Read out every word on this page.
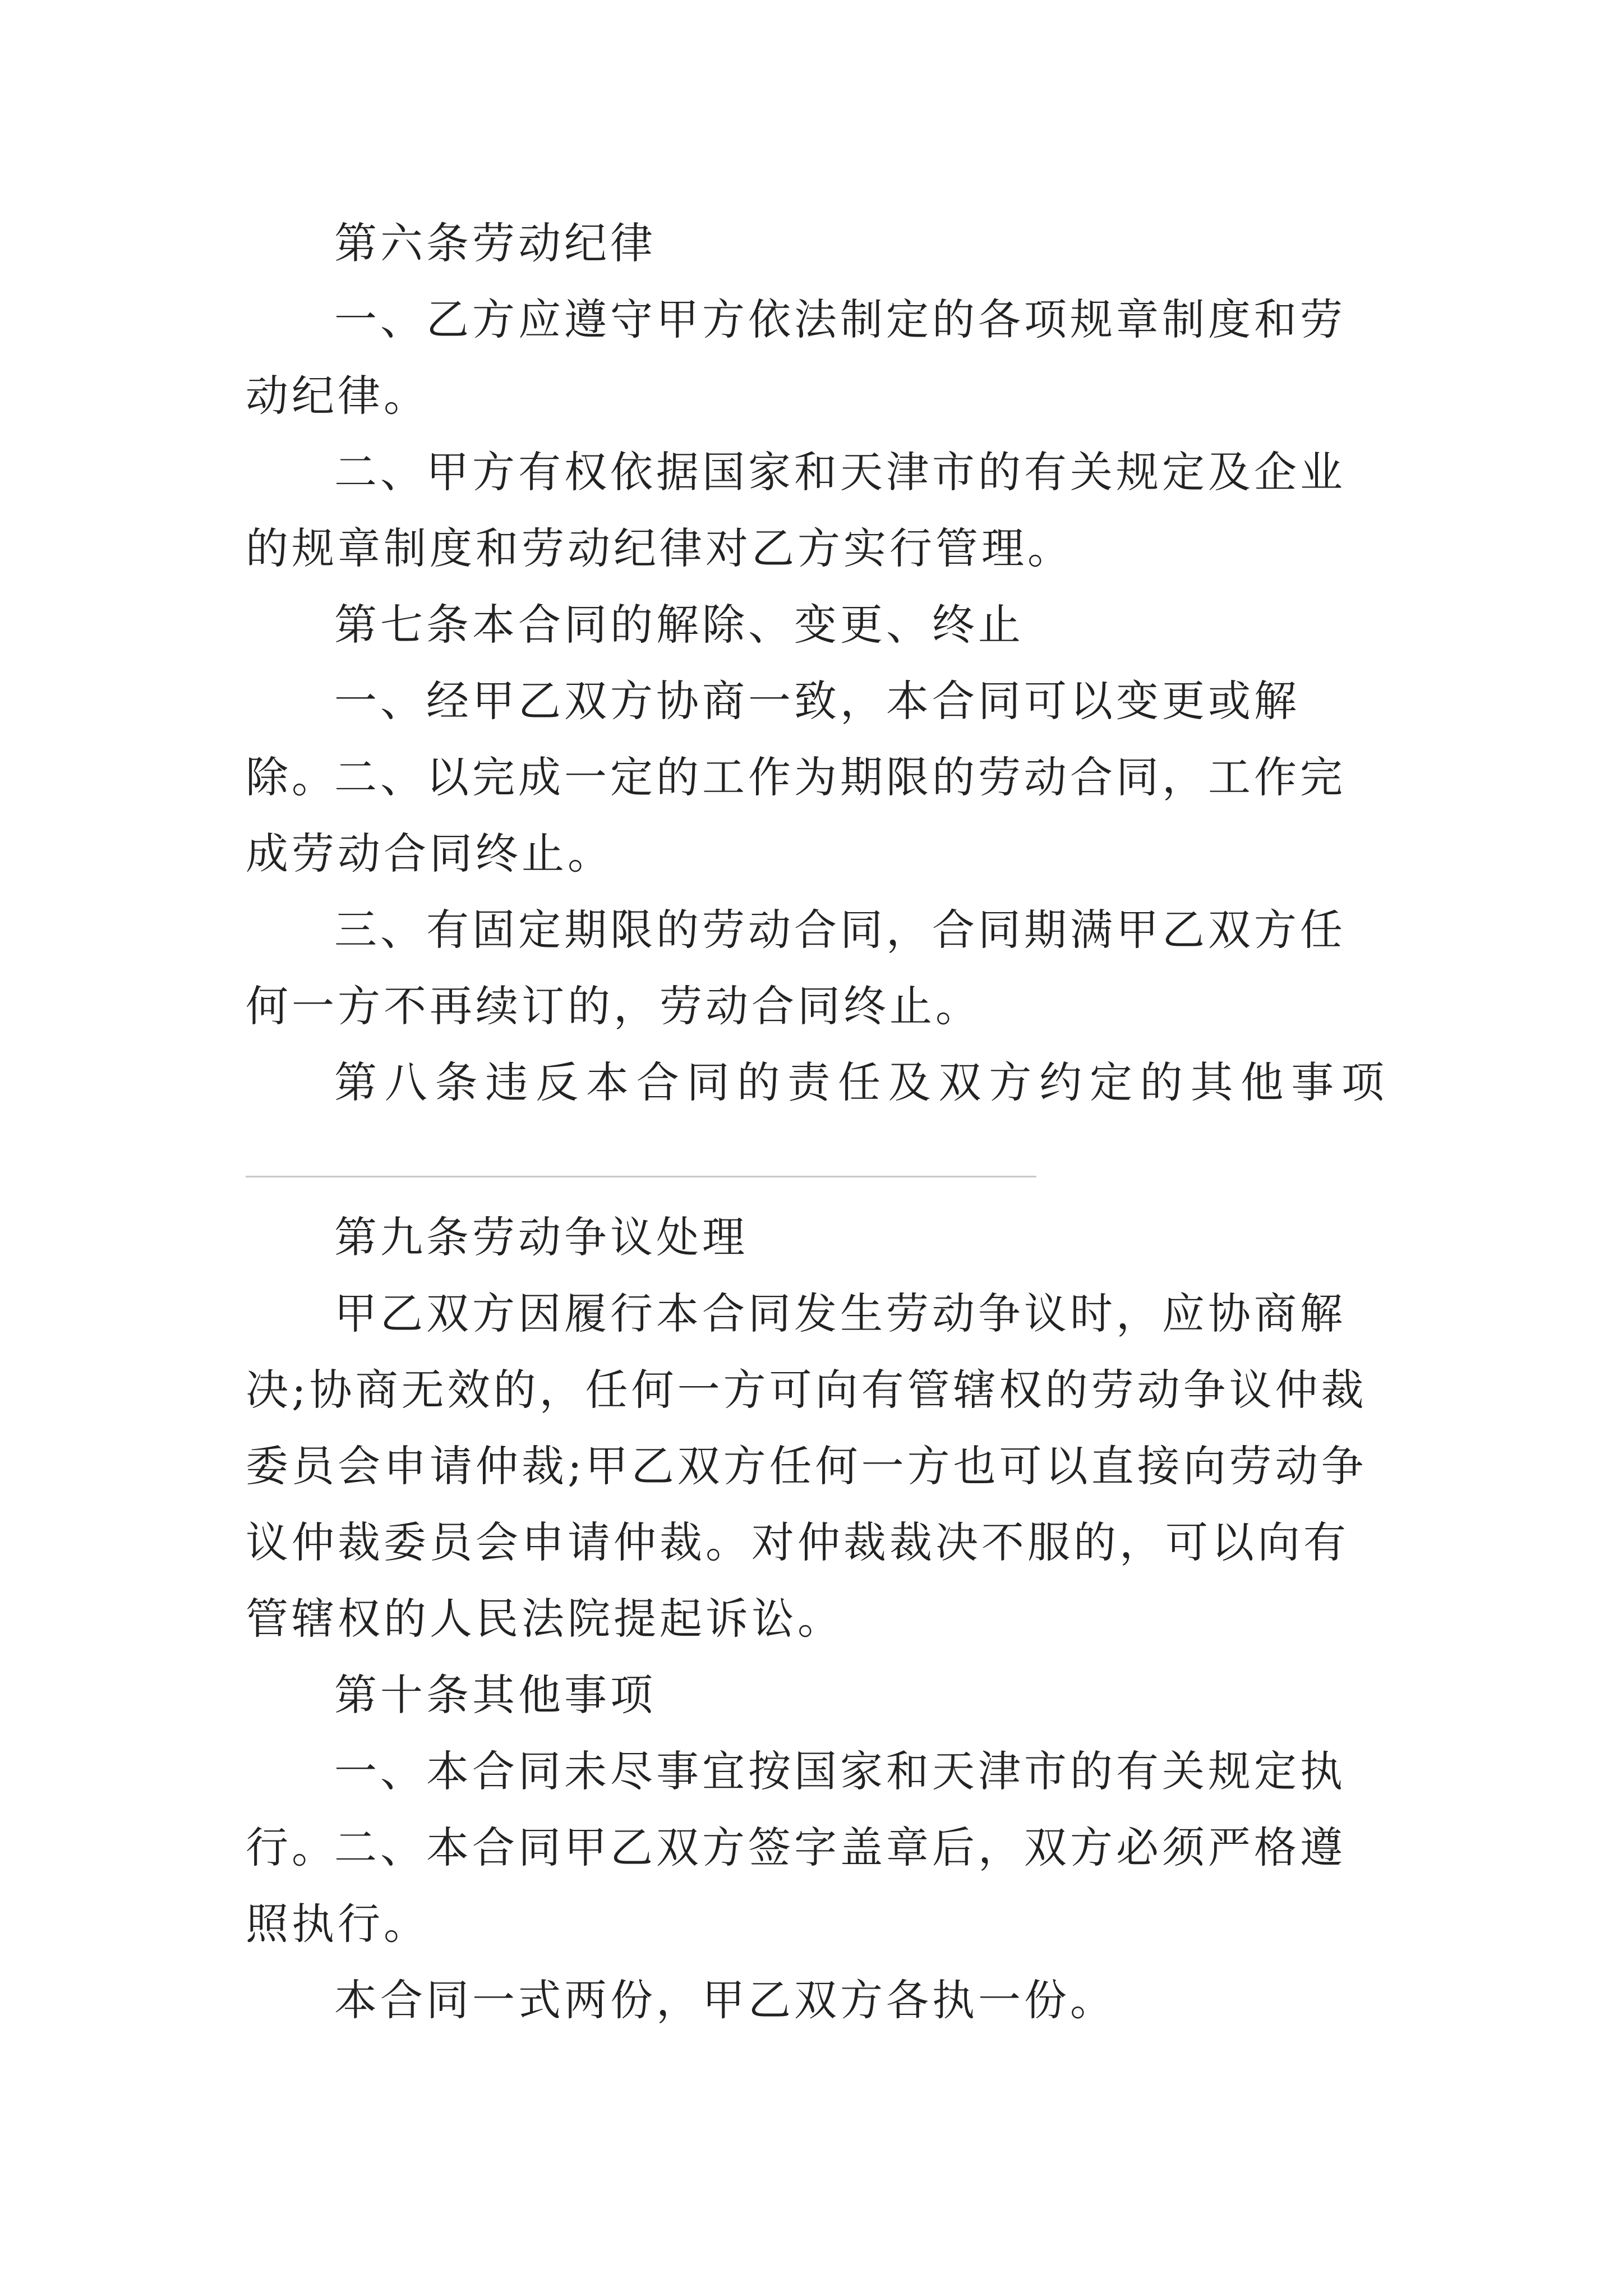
第六条劳动纪律

一、乙方应遵守甲方依法制定的各项规章制度和劳动纪律。

二、甲方有权依据国家和天津市的有关规定及企业的规章制度和劳动纪律对乙方实行管理。

第七条本合同的解除、变更、终止

一、经甲乙双方协商一致，本合同可以变更或解除。

二、以完成一定的工作为期限的劳动合同，工作完成劳动合同终止。

三、有固定期限的劳动合同，合同期满甲乙双方任何一方不再续订的，劳动合同终止。

第八条违反本合同的责任及双方约定的其他事项

第九条劳动争议处理

甲乙双方因履行本合同发生劳动争议时，应协商解决;协商无效的，任何一方可向有管辖权的劳动争议仲裁委员会申请仲裁;甲乙双方任何一方也可以直接向劳动争议仲裁委员会申请仲裁。对仲裁裁决不服的，可以向有管辖权的人民法院提起诉讼。

第十条其他事项

一、本合同未尽事宜按国家和天津市的有关规定执行。

二、本合同甲乙双方签字盖章后，双方必须严格遵照执行。

本合同一式两份，甲乙双方各执一份。
